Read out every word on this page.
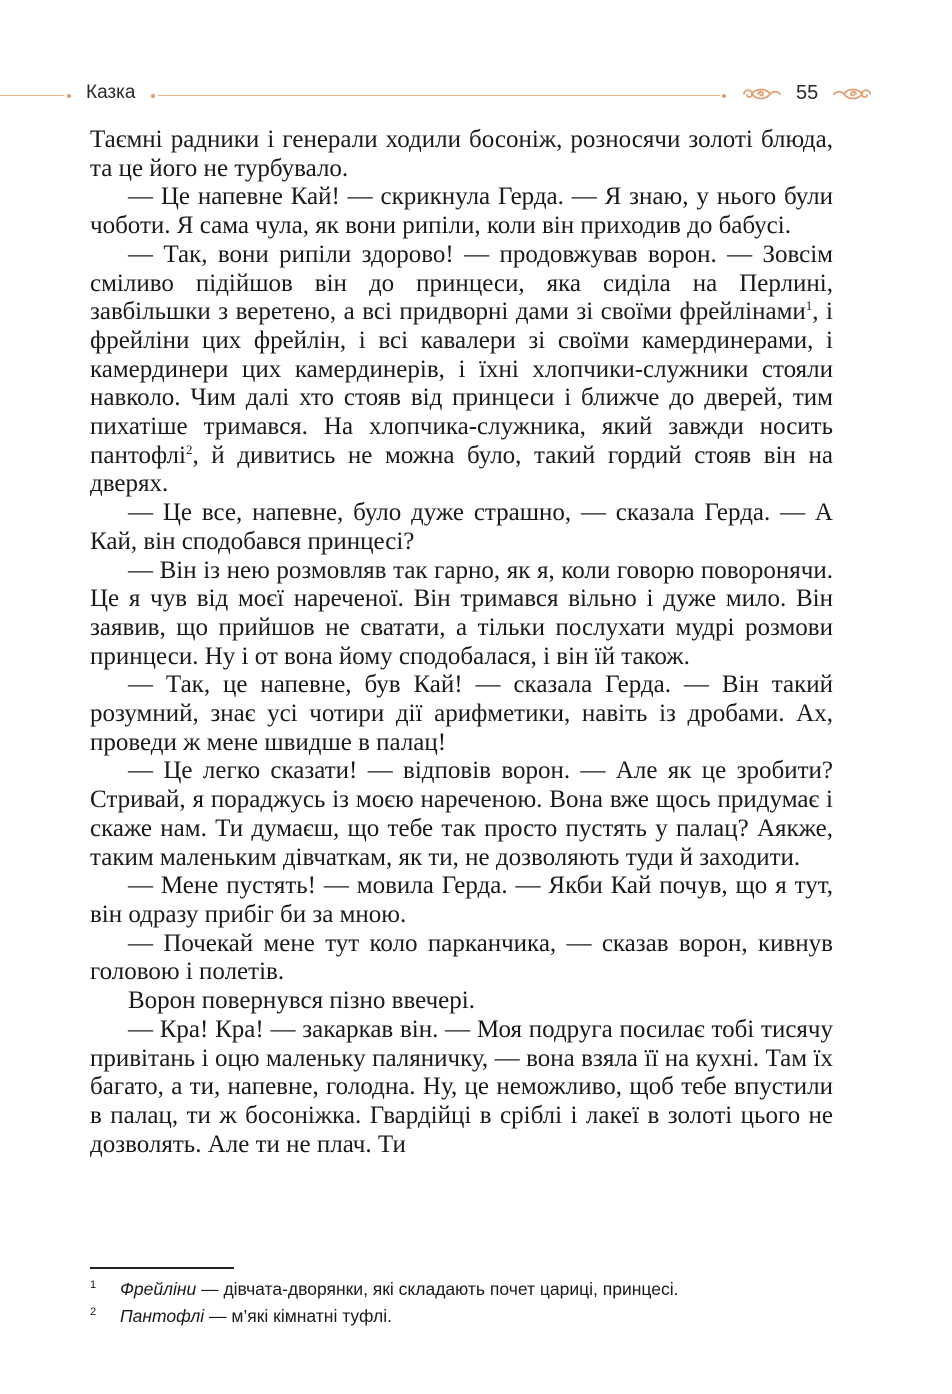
Казка	55

Таємні радники і генерали ходили босоніж, розносячи золоті блюда, та це його не турбувало.

— Це напевне Кай! — скрикнула Герда. — Я знаю, у нього були чоботи. Я сама чула, як вони рипіли, коли він приходив до бабусі.

— Так, вони рипіли здорово! — продовжував ворон. — Зовсім сміливо підійшов він до принцеси, яка сиділа на Перлині, завбільшки з веретено, а всі придворні дами зі своїми фрейлінами$^1$, і фрейліни цих фрейлін, і всі кавалери зі своїми камердинерами, і камердинери цих камердинерів, і їхні хлопчики-служники стояли навколо. Чим далі хто стояв від принцеси і ближче до дверей, тим пихатіше тримався. На хлопчика-служника, який завжди носить пантофлі$^2$, й дивитись не можна було, такий гордий стояв він на дверях.

— Це все, напевне, було дуже страшно, — сказала Герда. — А Кай, він сподобався принцесі?

— Він із нею розмовляв так гарно, як я, коли говорю поворонячи. Це я чув від моєї нареченої. Він тримався вільно і дуже мило. Він заявив, що прийшов не сватати, а тільки послухати мудрі розмови принцеси. Ну і от вона йому сподобалася, і він їй також.

— Так, це напевне, був Кай! — сказала Герда. — Він такий розумний, знає усі чотири дії арифметики, навіть із дробами. Ах, проведи ж мене швидше в палац!

— Це легко сказати! — відповів ворон. — Але як це зробити? Стривай, я пораджусь із моєю нареченою. Вона вже щось придумає і скаже нам. Ти думаєш, що тебе так просто пустять у палац? Аякже, таким маленьким дівчаткам, як ти, не дозволяють туди й заходити.

— Мене пустять! — мовила Герда. — Якби Кай почув, що я тут, він одразу прибіг би за мною.

— Почекай мене тут коло парканчика, — сказав ворон, кивнув головою і полетів.

Ворон повернувся пізно ввечері.

— Кра! Кра! — закаркав він. — Моя подруга посилає тобі тисячу привітань і оцю маленьку паляничку, — вона взяла її на кухні. Там їх багато, а ти, напевне, голодна. Ну, це неможливо, щоб тебе впустили в палац, ти ж босоніжка. Гвардійці в сріблі і лакеї в золоті цього не дозволять. Але ти не плач. Ти

1 Фрейліни — дівчата-дворянки, які складають почет цариці, принцесі.
2 Пантофлі — м’які кімнатні туфлі.
